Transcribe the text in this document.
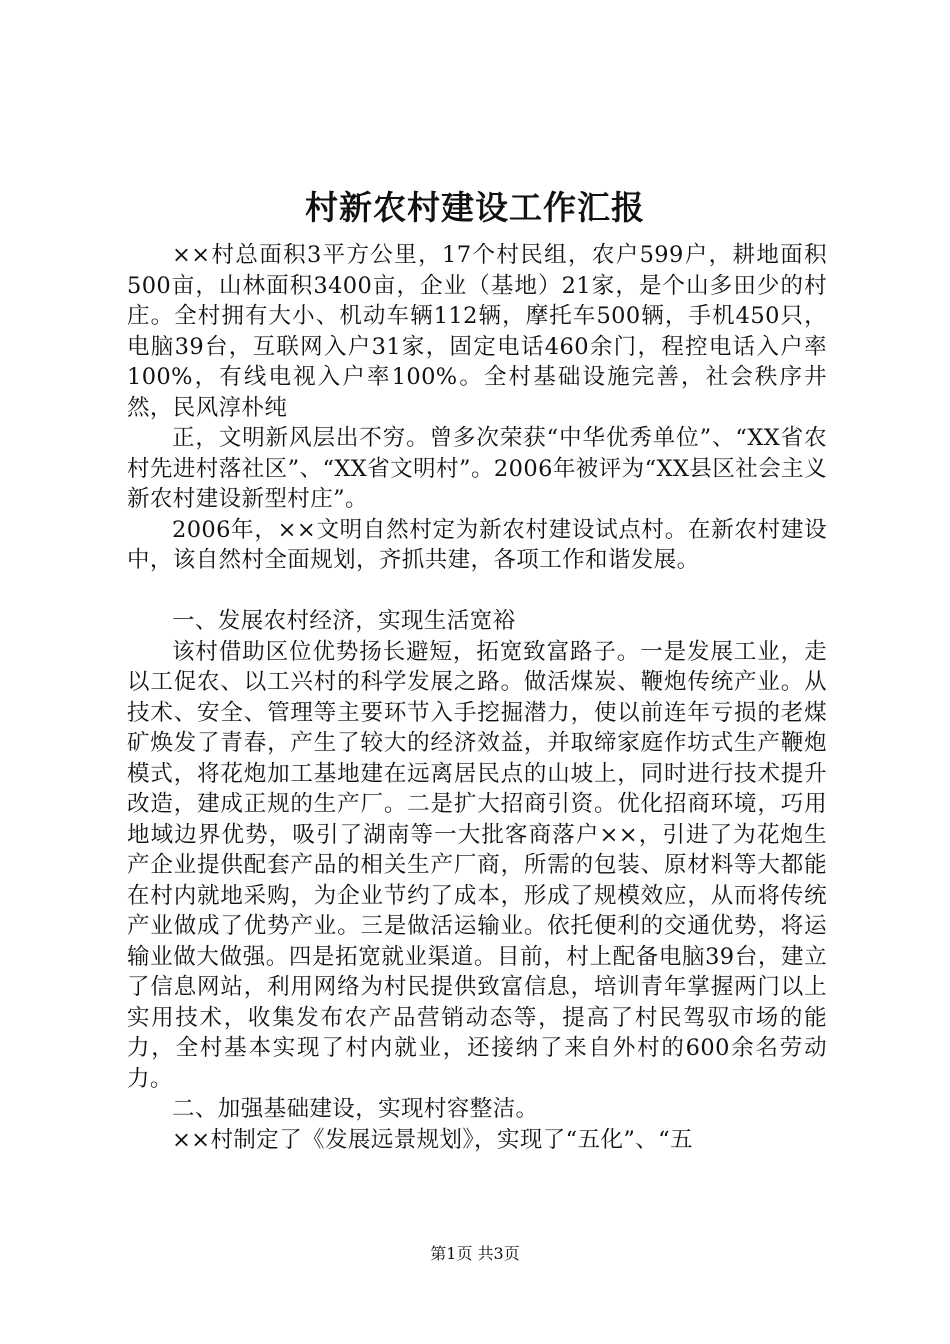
村新农村建设工作汇报

××村总面积3平方公里，17个村民组，农户599户，耕地面积500亩，山林面积3400亩，企业（基地）21家，是个山多田少的村庄。全村拥有大小、机动车辆112辆，摩托车500辆，手机450只，电脑39台，互联网入户31家，固定电话460余门，程控电话入户率100%，有线电视入户率100%。全村基础设施完善，社会秩序井然，民风淳朴纯

正，文明新风层出不穷。曾多次荣获“中华优秀单位”、“XX省农村先进村落社区”、“XX省文明村”。2006年被评为“XX县区社会主义新农村建设新型村庄”。

2006年，××文明自然村定为新农村建设试点村。在新农村建设中，该自然村全面规划，齐抓共建，各项工作和谐发展。

一、发展农村经济，实现生活宽裕

该村借助区位优势扬长避短，拓宽致富路子。一是发展工业，走以工促农、以工兴村的科学发展之路。做活煤炭、鞭炮传统产业。从技术、安全、管理等主要环节入手挖掘潜力，使以前连年亏损的老煤矿焕发了青春，产生了较大的经济效益，并取缔家庭作坊式生产鞭炮模式，将花炮加工基地建在远离居民点的山坡上，同时进行技术提升改造，建成正规的生产厂。二是扩大招商引资。优化招商环境，巧用地域边界优势，吸引了湖南等一大批客商落户××，引进了为花炮生产企业提供配套产品的相关生产厂商，所需的包装、原材料等大都能在村内就地采购，为企业节约了成本，形成了规模效应，从而将传统产业做成了优势产业。三是做活运输业。依托便利的交通优势，将运输业做大做强。四是拓宽就业渠道。目前，村上配备电脑39台，建立了信息网站，利用网络为村民提供致富信息，培训青年掌握两门以上实用技术，收集发布农产品营销动态等，提高了村民驾驭市场的能力，全村基本实现了村内就业，还接纳了来自外村的600余名劳动力。

二、加强基础建设，实现村容整洁。

××村制定了《发展远景规划》，实现了“五化”、“五

第1页 共3页
